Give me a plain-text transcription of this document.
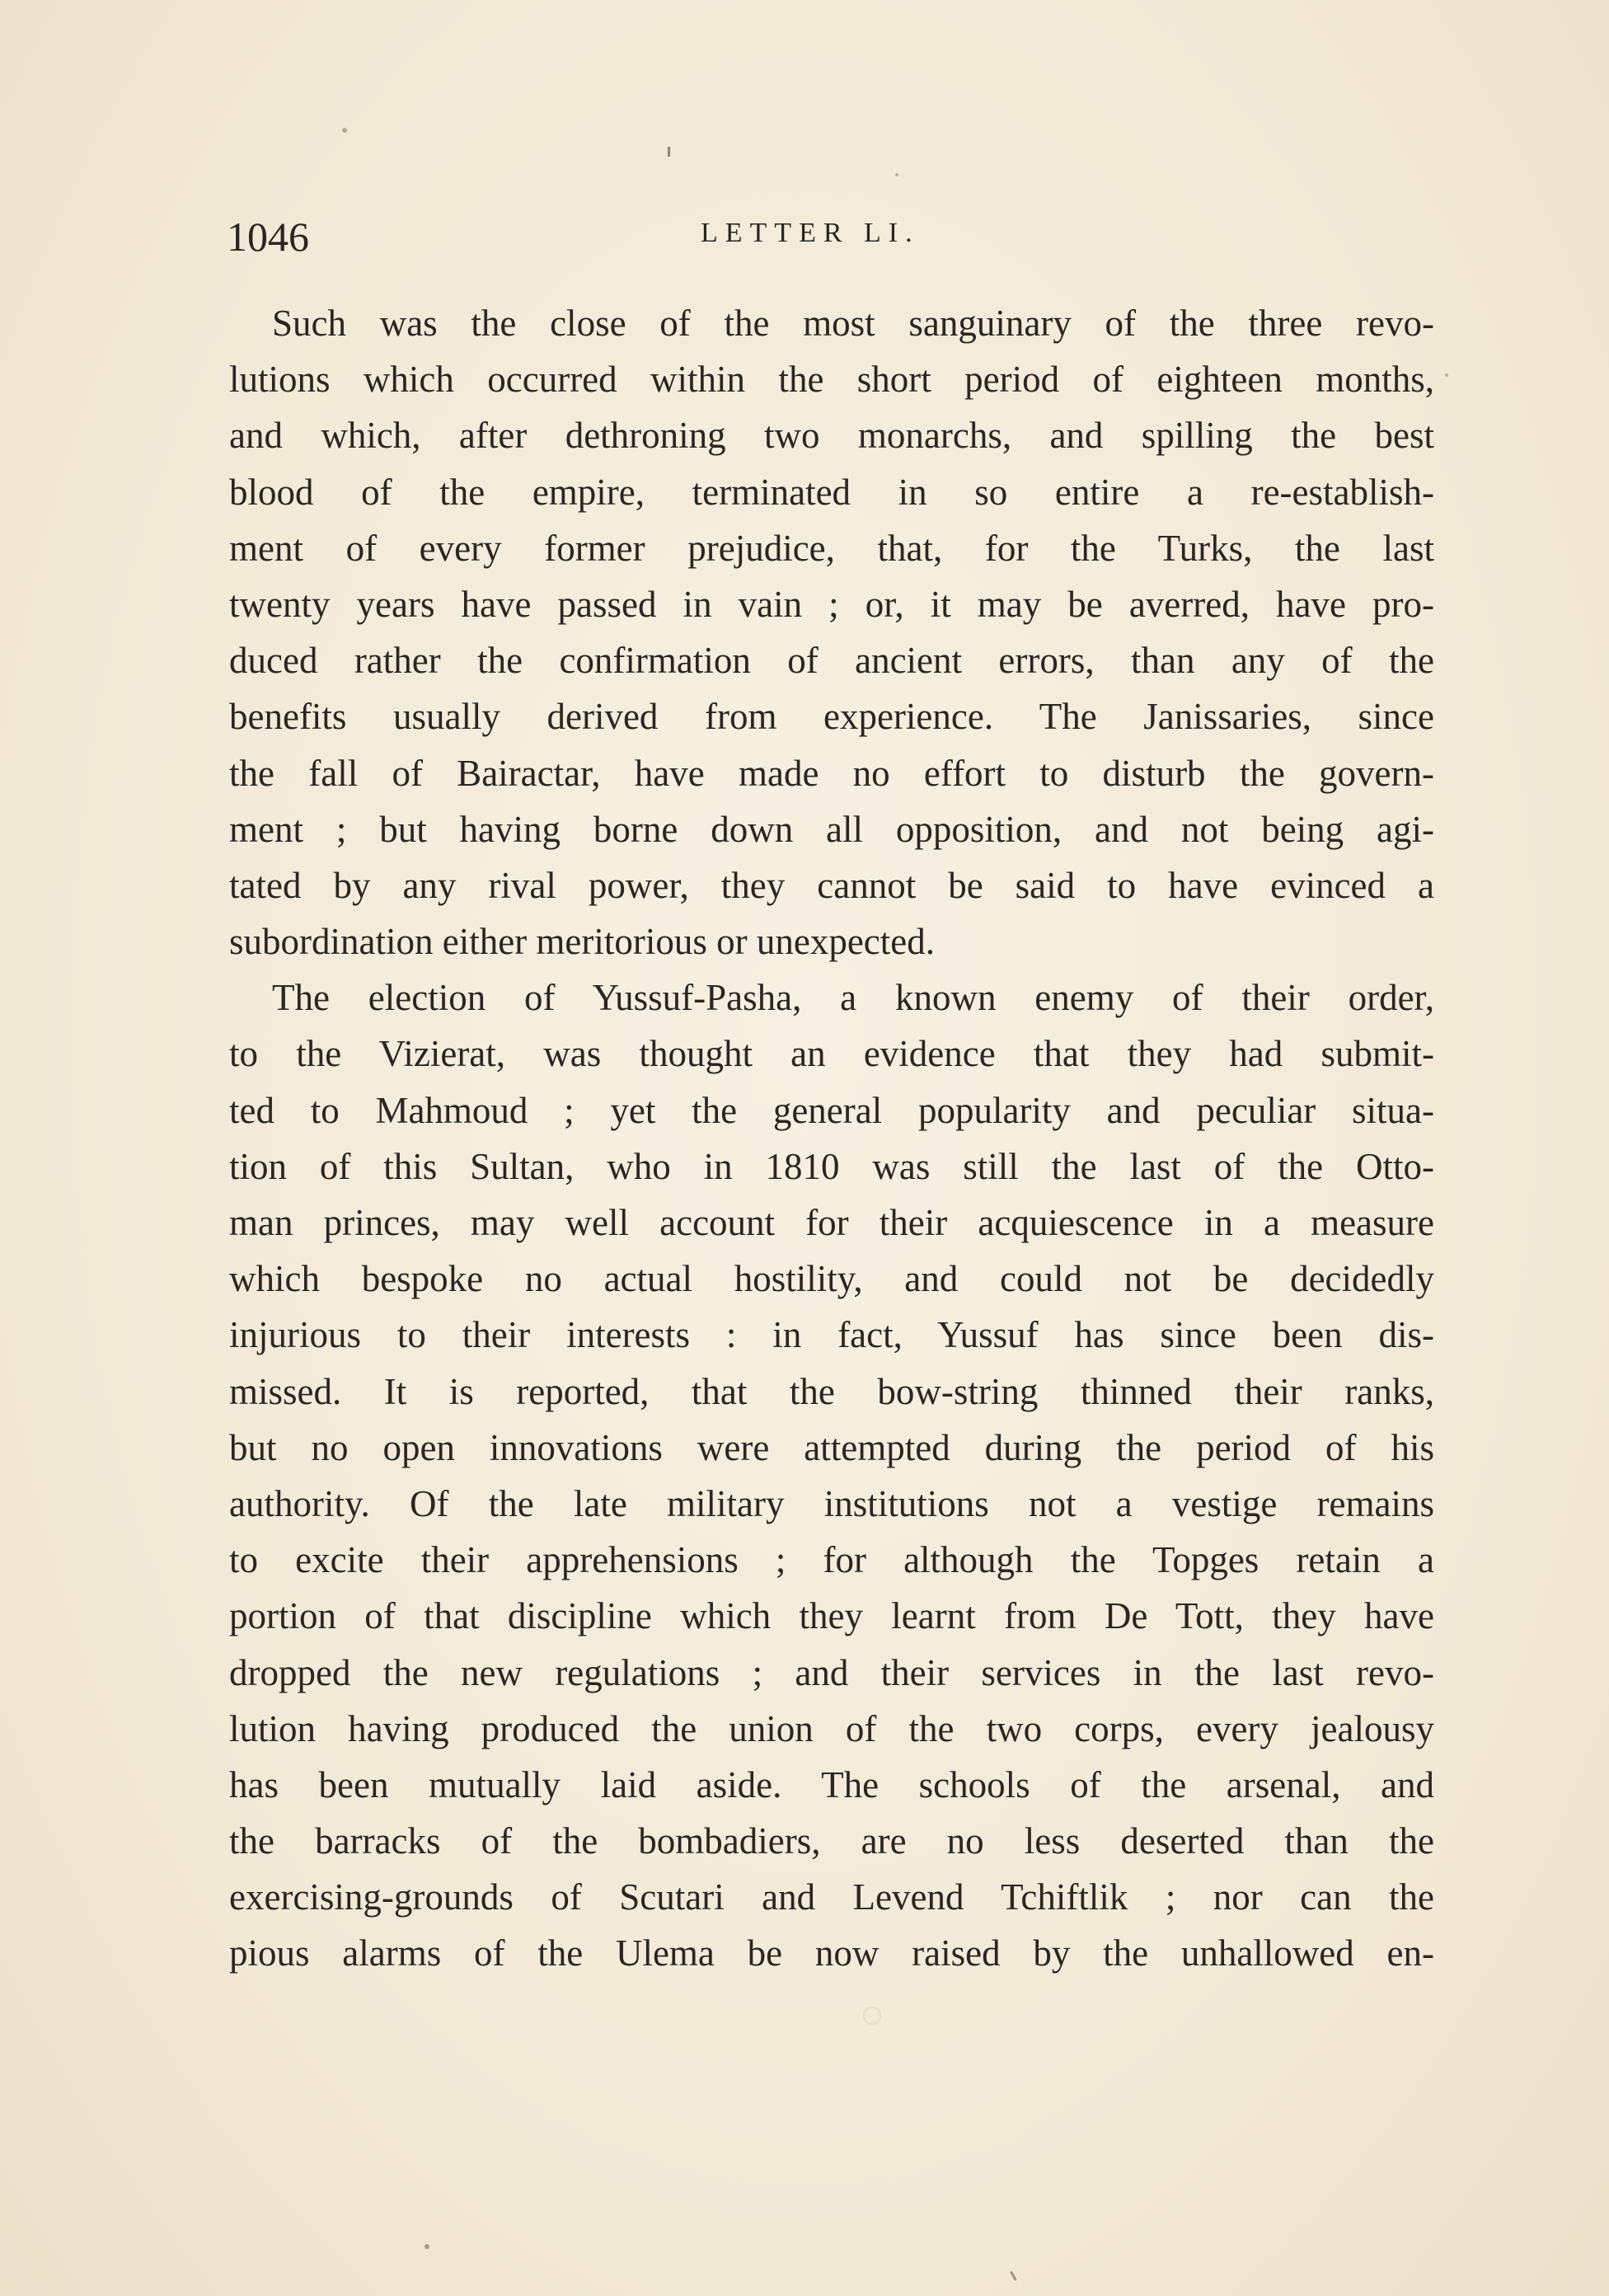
1046	LETTER LI.
Such was the close of the most sanguinary of the three revo-
lutions which occurred within the short period of eighteen months,
and which, after dethroning two monarchs, and spilling the best
blood of the empire, terminated in so entire a re-establish-
ment of every former prejudice, that, for the Turks, the last
twenty years have passed in vain ; or, it may be averred, have pro-
duced rather the confirmation of ancient errors, than any of the
benefits usually derived from experience. The Janissaries, since
the fall of Bairactar, have made no effort to disturb the govern-
ment ; but having borne down all opposition, and not being agi-
tated by any rival power, they cannot be said to have evinced a
subordination either meritorious or unexpected.
The election of Yussuf-Pasha, a known enemy of their order,
to the Vizierat, was thought an evidence that they had submit-
ted to Mahmoud ; yet the general popularity and peculiar situa-
tion of this Sultan, who in 1810 was still the last of the Otto-
man princes, may well account for their acquiescence in a measure
which bespoke no actual hostility, and could not be decidedly
injurious to their interests : in fact, Yussuf has since been dis-
missed. It is reported, that the bow-string thinned their ranks,
but no open innovations were attempted during the period of his
authority. Of the late military institutions not a vestige remains
to excite their apprehensions ; for although the Topges retain a
portion of that discipline which they learnt from De Tott, they have
dropped the new regulations ; and their services in the last revo-
lution having produced the union of the two corps, every jealousy
has been mutually laid aside. The schools of the arsenal, and
the barracks of the bombadiers, are no less deserted than the
exercising-grounds of Scutari and Levend Tchiftlik ; nor can the
pious alarms of the Ulema be now raised by the unhallowed en-
